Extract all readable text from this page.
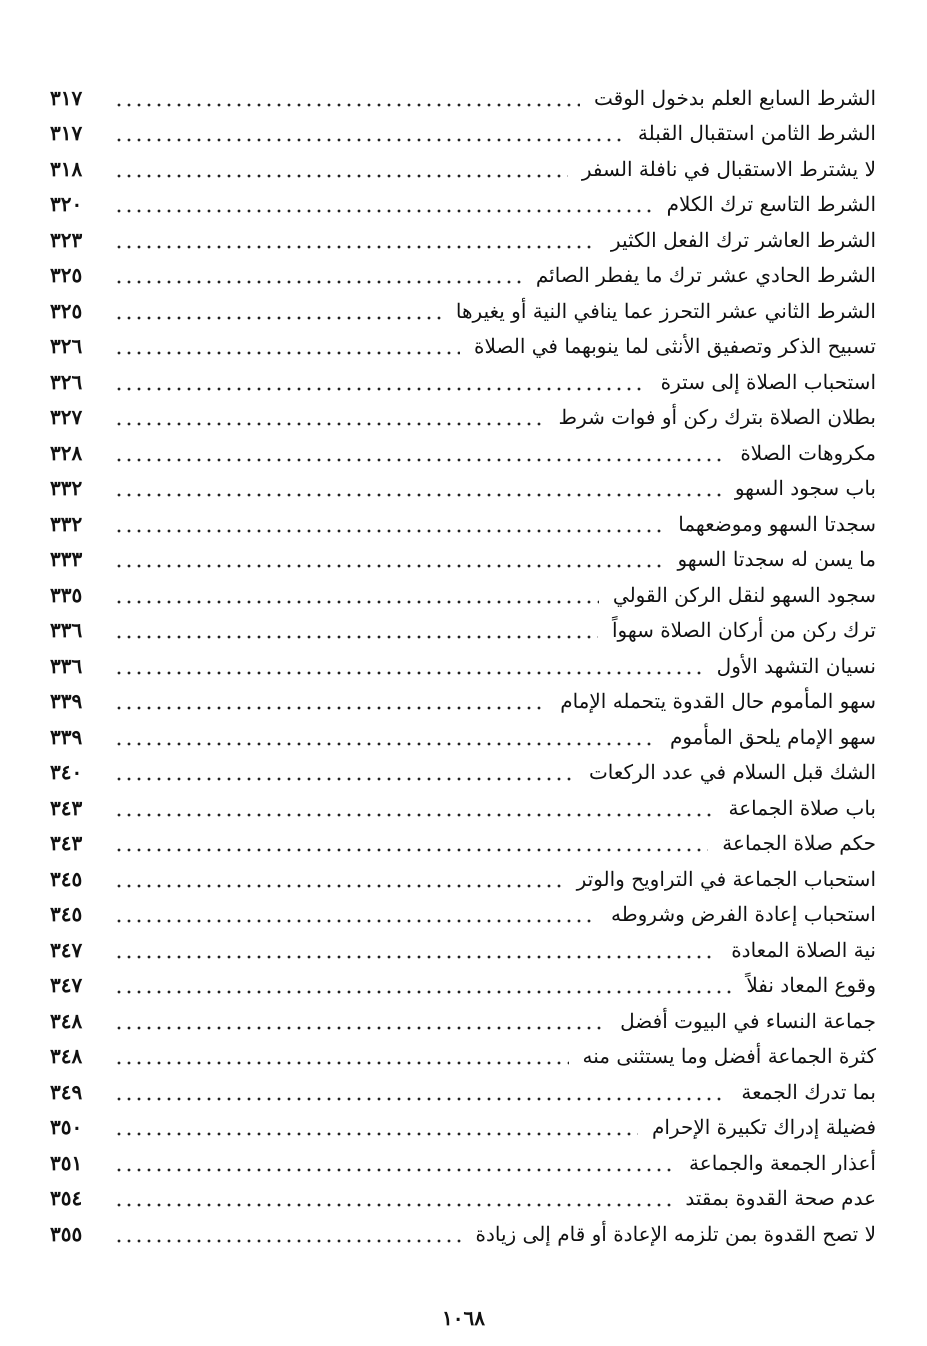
الشرط السابع العلم بدخول الوقت
٣١٧
الشرط الثامن استقبال القبلة
٣١٧
لا يشترط الاستقبال في نافلة السفر
٣١٨
الشرط التاسع ترك الكلام
٣٢٠
الشرط العاشر ترك الفعل الكثير
٣٢٣
الشرط الحادي عشر ترك ما يفطر الصائم
٣٢٥
الشرط الثاني عشر التحرز عما ينافي النية أو يغيرها
٣٢٥
تسبيح الذكر وتصفيق الأنثى لما ينوبهما في الصلاة
٣٢٦
استحباب الصلاة إلى سترة
٣٢٦
بطلان الصلاة بترك ركن أو فوات شرط
٣٢٧
مكروهات الصلاة
٣٢٨
باب سجود السهو
٣٣٢
سجدتا السهو وموضعهما
٣٣٢
ما يسن له سجدتا السهو
٣٣٣
سجود السهو لنقل الركن القولي
٣٣٥
ترك ركن من أركان الصلاة سهواً
٣٣٦
نسيان التشهد الأول
٣٣٦
سهو المأموم حال القدوة يتحمله الإمام
٣٣٩
سهو الإمام يلحق المأموم
٣٣٩
الشك قبل السلام في عدد الركعات
٣٤٠
باب صلاة الجماعة
٣٤٣
حكم صلاة الجماعة
٣٤٣
استحباب الجماعة في التراويح والوتر
٣٤٥
استحباب إعادة الفرض وشروطه
٣٤٥
نية الصلاة المعادة
٣٤٧
وقوع المعاد نفلاً
٣٤٧
جماعة النساء في البيوت أفضل
٣٤٨
كثرة الجماعة أفضل وما يستثنى منه
٣٤٨
بما تدرك الجمعة
٣٤٩
فضيلة إدراك تكبيرة الإحرام
٣٥٠
أعذار الجمعة والجماعة
٣٥١
عدم صحة القدوة بمقتد
٣٥٤
لا تصح القدوة بمن تلزمه الإعادة أو قام إلى زيادة
٣٥٥
١٠٦٨
